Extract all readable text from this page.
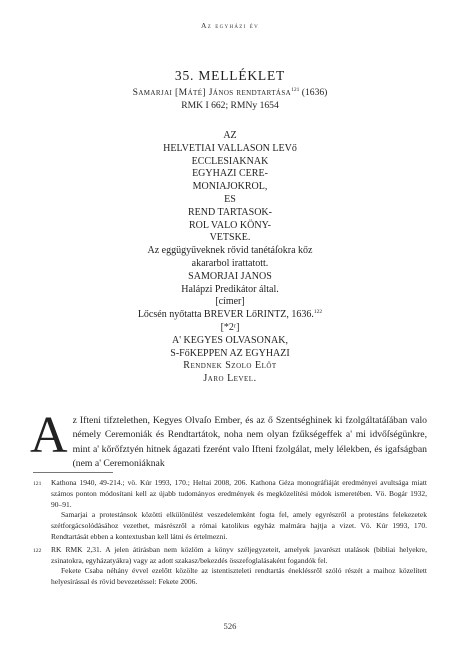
Az egyházi év
35. MELLÉKLET
Samarjai [Máté] János rendtartása$^{121}$ (1636)
RMK I 662; RMNy 1654
AZ
HELVETIAI VALLASON LEVő
ECCLESIAKNAK
EGYHAZI CERE-
MONIAJOKROL,
ES
REND TARTASOK-
ROL VALO KÖNY-
VETSKE.
Az eggügyűveknek rővid tanétáſokra kőz
akararbol irattatott.
SAMORJAI JANOS
Halápzi Predikátor által.
[címer]
Lőcsén nyőtatta BREVER LőRINTZ, 1636.$^{122}$
[*2ʳ]
A' KEGYES OLVASONAK,
S-FőKEPPEN AZ EGYHAZI
Rendnek Szolo Előt
Jaro Level.
Az Ifteni tifztelethen, Kegyes Olvaſo Ember, és az ő Szentséghinek ki fzolgáltatáſában valo némely Ceremoniák és Rendtartátok, noha nem olyan fzűkségeffek a' mi idvőſségünkre, mint a' kőrőfztyén hitnek ágazati fzerént valo Ifteni fzolgálat, mely lélekben, és igafságban (nem a' Ceremoniáknak
121	Kathona 1940, 49-214.; vö. Kúr 1993, 170.; Heltai 2008, 206. Kathona Géza monográfiáját eredményei avultsága miatt számos ponton módosítani kell az újabb tudományos eredmények és megközelítési módok ismeretében. Vö. Bogár 1932, 90–91.

Samarjai a protestánsok közötti elkülönülést veszedelemként fogta fel, amely egyrészről a protestáns felekezetek szétforgácsolódásához vezethet, másrészről a római katolikus egyház malmára hajtja a vizet. Vö. Kúr 1993, 170. Rendtartását ebben a kontextusban kell látni és értelmezni.

122	RK RMK 2,31. A jelen átírásban nem közlöm a könyv széljegyzeteit, amelyek javarészt utalások (bibliai helyekre, zsinatokra, egyházatyákra) vagy az adott szakasz/bekezdés összefoglalásaként fogandók fel.

Fekete Csaba néhány évvel ezelőtt közölte az istentiszteleti rendtartás énekléssről szóló részét a maihoz közelített helyesírással és rövid bevezetéssel: Fekete 2006.

526
